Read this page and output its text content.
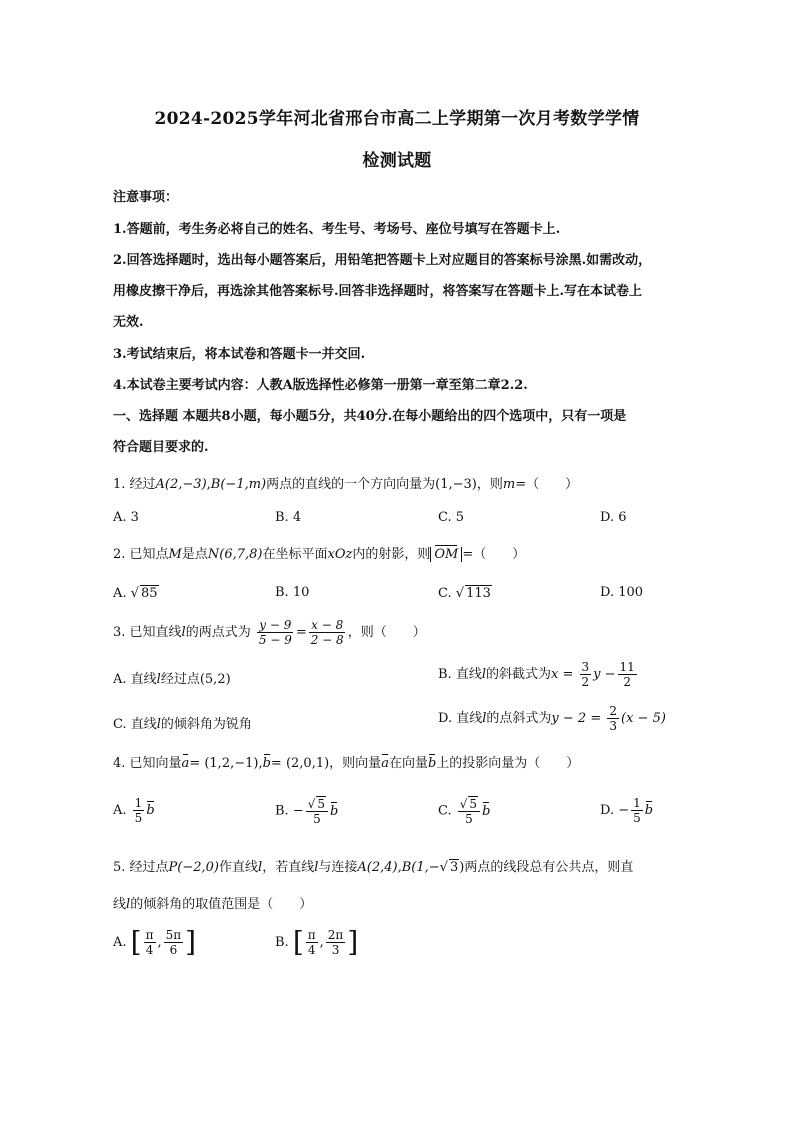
2024-2025学年河北省邢台市高二上学期第一次月考数学学情
检测试题
注意事项：
1.答题前，考生务必将自己的姓名、考生号、考场号、座位号填写在答题卡上.
2.回答选择题时，选出每小题答案后，用铅笔把答题卡上对应题目的答案标号涂黑.如需改动，
用橡皮擦干净后，再选涂其他答案标号.回答非选择题时，将答案写在答题卡上.写在本试卷上
无效.
3.考试结束后，将本试卷和答题卡一并交回.
4.本试卷主要考试内容：人教A版选择性必修第一册第一章至第二章2.2.
一、选择题 本题共8小题，每小题5分，共40分.在每小题给出的四个选项中，只有一项是
符合题目要求的.
1. 经过A(2,−3),B(−1,m)两点的直线的一个方向向量为(1,−3)，则m=（　　）
A. 3	B. 4	C. 5	D. 6
2. 已知点M是点N(6,7,8)在坐标平面xOz内的射影，则 OM =（　　）
A. √ 85	B. 10	C. √ 113	D. 100
3. 已知直线l的两点式为 $\frac{y - 9}{5 - 9} = \frac{x - 8}{2 - 8}$ ，则（　　）
A. 直线l经过点(5,2)	B. 直线l的斜截式为$x = \frac{3}{2}$ $y - \frac{11}{2}$
C. 直线l的倾斜角为锐角	D. 直线l的点斜式为$y - 2 = \frac{2}{3} (x - 5)$
4. 已知向量a= (1,2,−1),b= (2,0,1)，则向量a在向量b上的投影向量为（　　）
A. $\frac{1}{5}$ b	B. − $\frac{√ 5}{5}$ b	C. $\frac{√ 5}{5}$ b	D. − $\frac{1}{5}$ b
5. 经过点P(−2,0)作直线l，若直线l与连接A(2,4),B(1,−√ 3)两点的线段总有公共点，则直
线l的倾斜角的取值范围是（　　）
A. [ $\frac{\pi}{4}$ , $\frac{5\pi}{6}$ ]	B. [ $\frac{\pi}{4}$ , $\frac{2\pi}{3}$ ]
